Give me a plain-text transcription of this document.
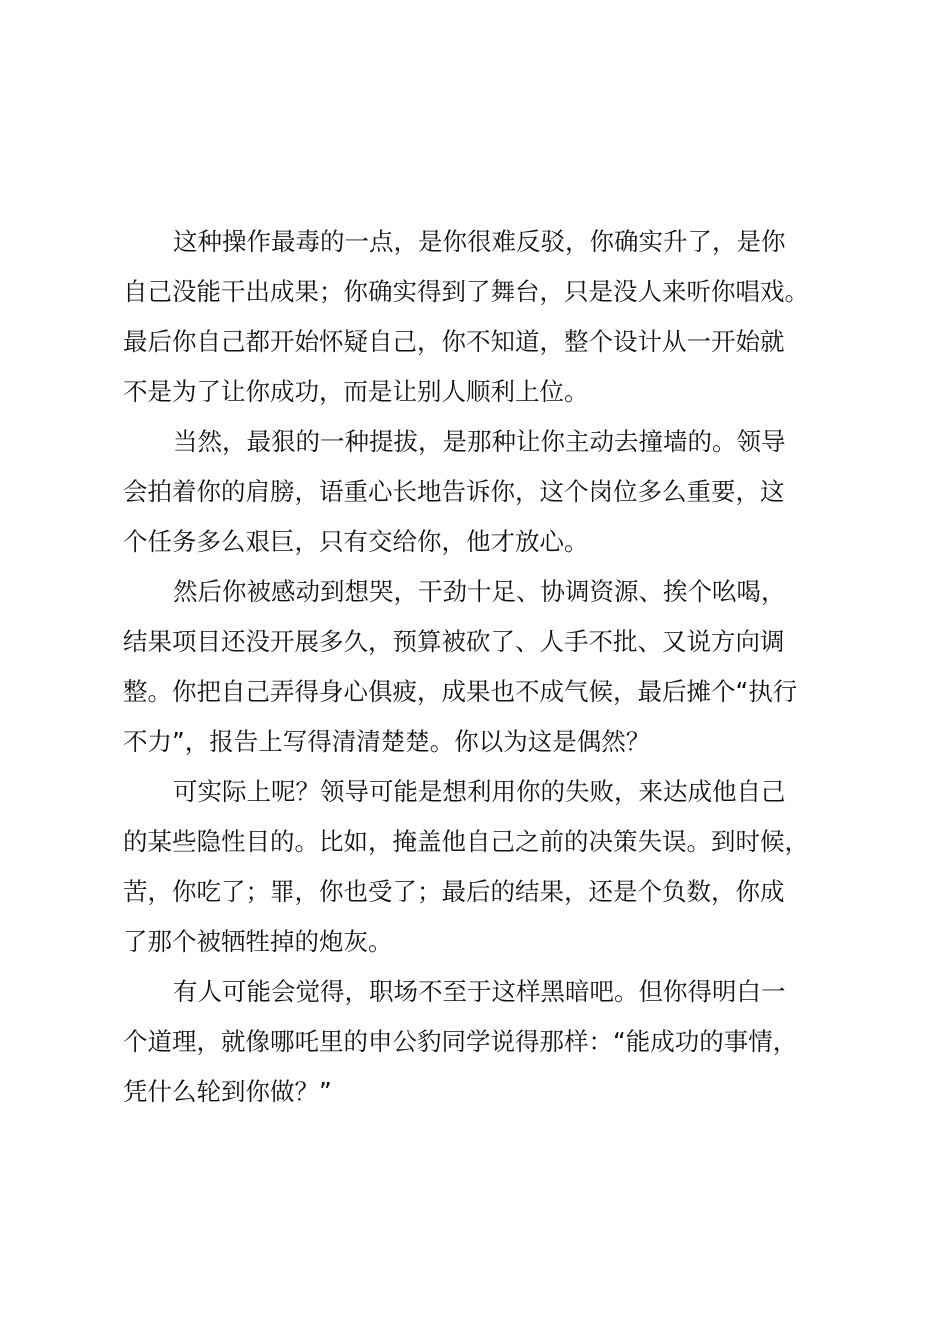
这种操作最毒的一点，是你很难反驳，你确实升了，是你
自己没能干出成果；你确实得到了舞台，只是没人来听你唱戏。
最后你自己都开始怀疑自己，你不知道，整个设计从一开始就
不是为了让你成功，而是让别人顺利上位。
当然，最狠的一种提拔，是那种让你主动去撞墙的。领导
会拍着你的肩膀，语重心长地告诉你，这个岗位多么重要，这
个任务多么艰巨，只有交给你，他才放心。
然后你被感动到想哭，干劲十足、协调资源、挨个吆喝，
结果项目还没开展多久，预算被砍了、人手不批、又说方向调
整。你把自己弄得身心俱疲，成果也不成气候，最后摊个“执行
不力”，报告上写得清清楚楚。你以为这是偶然？
可实际上呢？领导可能是想利用你的失败，来达成他自己
的某些隐性目的。比如，掩盖他自己之前的决策失误。到时候，
苦，你吃了；罪，你也受了；最后的结果，还是个负数，你成
了那个被牺牲掉的炮灰。
有人可能会觉得，职场不至于这样黑暗吧。但你得明白一
个道理，就像哪吒里的申公豹同学说得那样：“能成功的事情，
凭什么轮到你做？”
